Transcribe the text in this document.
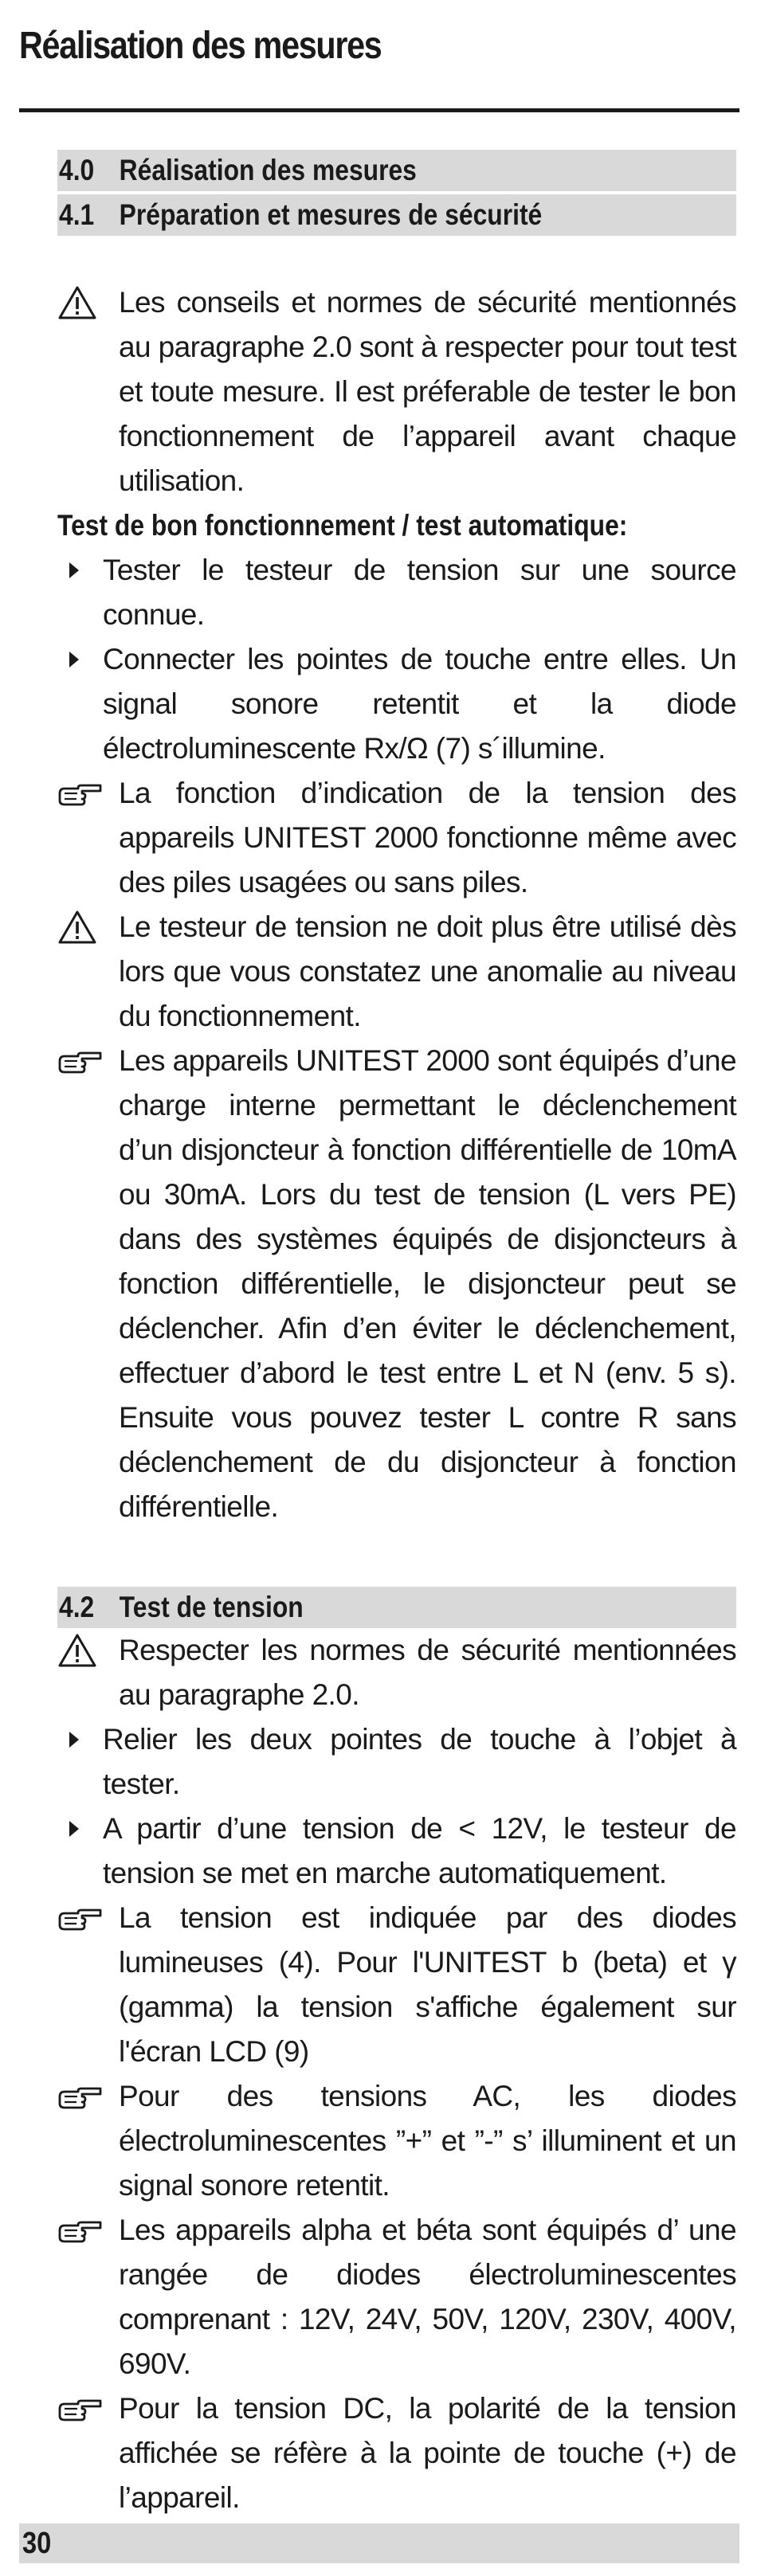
Réalisation des mesures
4.0 Réalisation des mesures
4.1 Préparation et mesures de sécurité
Les conseils et normes de sécurité mentionnés au paragraphe 2.0 sont à respecter pour tout test et toute mesure. Il est préferable de tester le bon fonctionnement de l’appareil avant chaque utilisation.
Test de bon fonctionnement / test automatique:
Tester le testeur de tension sur une source connue.
Connecter les pointes de touche entre elles. Un signal sonore retentit et la diode électroluminescente Rx/Ω (7) s´illumine.
La fonction d’indication de la tension des appareils UNITEST 2000 fonctionne même avec des piles usagées ou sans piles.
Le testeur de tension ne doit plus être utilisé dès lors que vous constatez une anomalie au niveau du fonctionnement.
Les appareils UNITEST 2000 sont équipés d’une charge interne permettant le déclenchement d’un disjoncteur à fonction différentielle de 10mA ou 30mA. Lors du test de tension (L vers PE) dans des systèmes équipés de disjoncteurs à fonction différentielle, le disjoncteur peut se déclencher. Afin d’en éviter le déclenchement, effectuer d’abord le test entre L et N (env. 5 s). Ensuite vous pouvez tester L contre R sans déclenchement de du disjoncteur à fonction différentielle.
4.2 Test de tension
Respecter les normes de sécurité mentionnées au paragraphe 2.0.
Relier les deux pointes de touche à l’objet à tester.
A partir d’une tension de < 12V, le testeur de tension se met en marche automatiquement.
La tension est indiquée par des diodes lumineuses (4). Pour l'UNITEST b (beta) et γ (gamma) la tension s'affiche également sur l'écran LCD (9)
Pour des tensions AC, les diodes électroluminescentes ”+” et ”-” s’ illuminent et un signal sonore retentit.
Les appareils alpha et béta sont équipés d’ une rangée de diodes électroluminescentes comprenant : 12V, 24V, 50V, 120V, 230V, 400V, 690V.
Pour la tension DC, la polarité de la tension affichée se réfère à la pointe de touche (+) de l’appareil.
30
